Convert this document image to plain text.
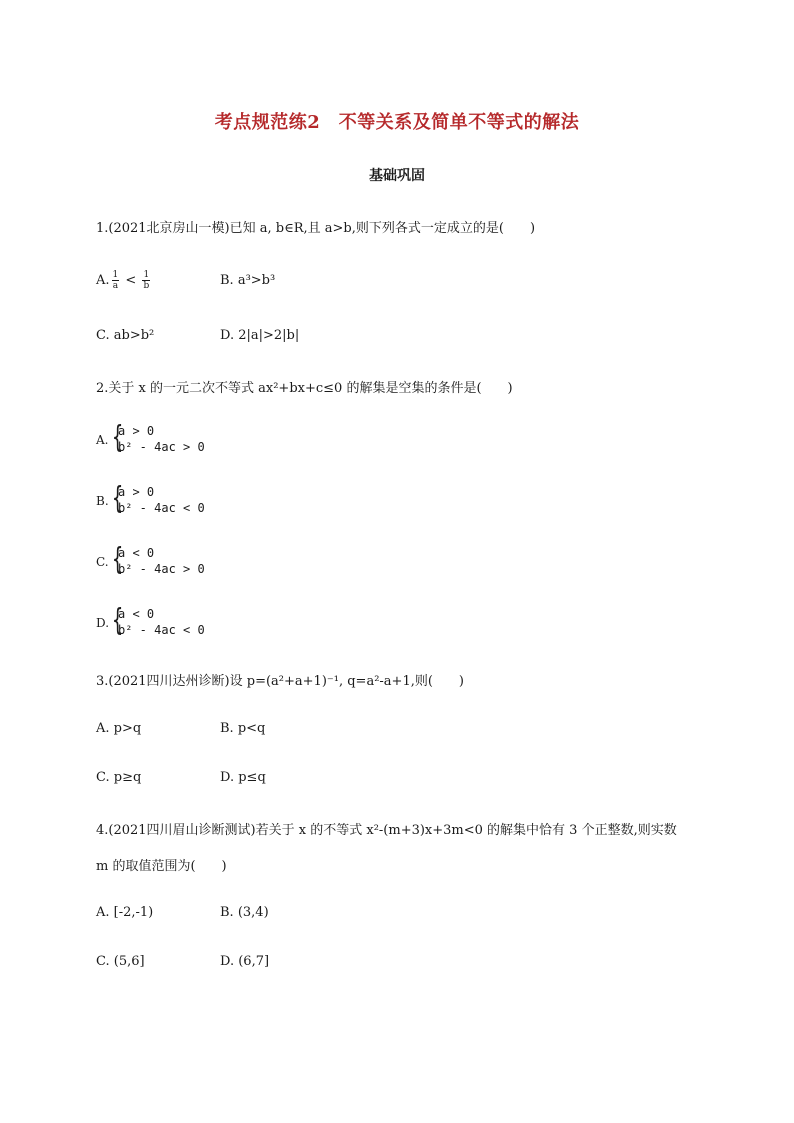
考点规范练2　不等关系及简单不等式的解法
基础巩固
1.(2021北京房山一模)已知 a, b∈R,且 a>b,则下列各式一定成立的是(　　)
A. $\frac{1}{a} < \frac{1}{b}$	B. a³>b³
C. ab>b²	D. 2|a|>2|b|
2.关于 x 的一元二次不等式 ax²+bx+c≤0 的解集是空集的条件是(　　)
A. {
a > 0
b² - 4ac > 0
B. {
a > 0
b² - 4ac < 0
C. {
a < 0
b² - 4ac > 0
D. {
a < 0
b² - 4ac < 0
3.(2021四川达州诊断)设 p=(a²+a+1)⁻¹, q=a²-a+1,则(　　)
A. p>q	B. p<q
C. p≥q	D. p≤q
4.(2021四川眉山诊断测试)若关于 x 的不等式 x²-(m+3)x+3m<0 的解集中恰有 3 个正整数,则实数
m 的取值范围为(　　)
A. [-2,-1)	B. (3,4)
C. (5,6]	D. (6,7]
